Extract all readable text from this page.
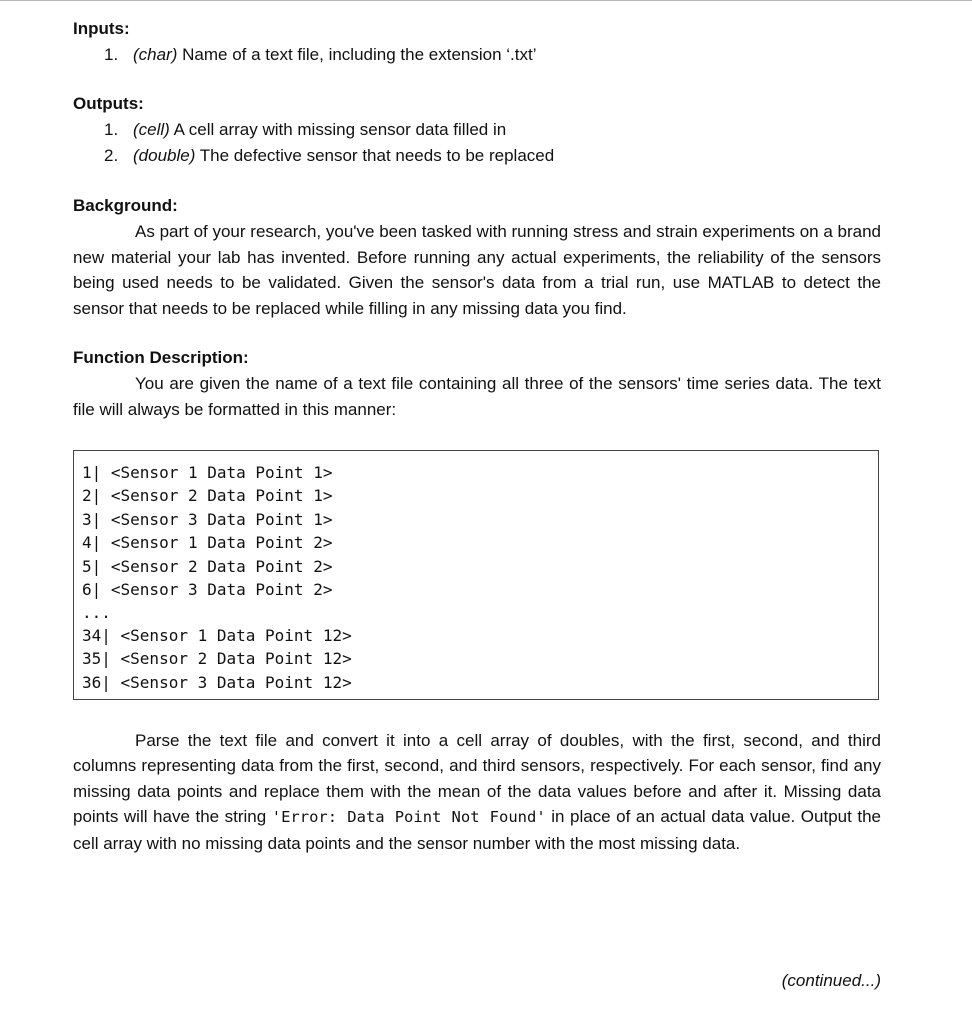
Inputs:

1. (char) Name of a text file, including the extension ‘.txt’

Outputs:

1. (cell) A cell array with missing sensor data filled in
2. (double) The defective sensor that needs to be replaced

Background:

As part of your research, you've been tasked with running stress and strain experiments on a brand new material your lab has invented. Before running any actual experiments, the reliability of the sensors being used needs to be validated. Given the sensor's data from a trial run, use MATLAB to detect the sensor that needs to be replaced while filling in any missing data you find.

Function Description:

You are given the name of a text file containing all three of the sensors' time series data. The text file will always be formatted in this manner:

1| <Sensor 1 Data Point 1>
2| <Sensor 2 Data Point 1>
3| <Sensor 3 Data Point 1>
4| <Sensor 1 Data Point 2>
5| <Sensor 2 Data Point 2>
6| <Sensor 3 Data Point 2>
...
34| <Sensor 1 Data Point 12>
35| <Sensor 2 Data Point 12>
36| <Sensor 3 Data Point 12>

Parse the text file and convert it into a cell array of doubles, with the first, second, and third columns representing data from the first, second, and third sensors, respectively. For each sensor, find any missing data points and replace them with the mean of the data values before and after it. Missing data points will have the string 'Error: Data Point Not Found' in place of an actual data value. Output the cell array with no missing data points and the sensor number with the most missing data.

(continued...)
